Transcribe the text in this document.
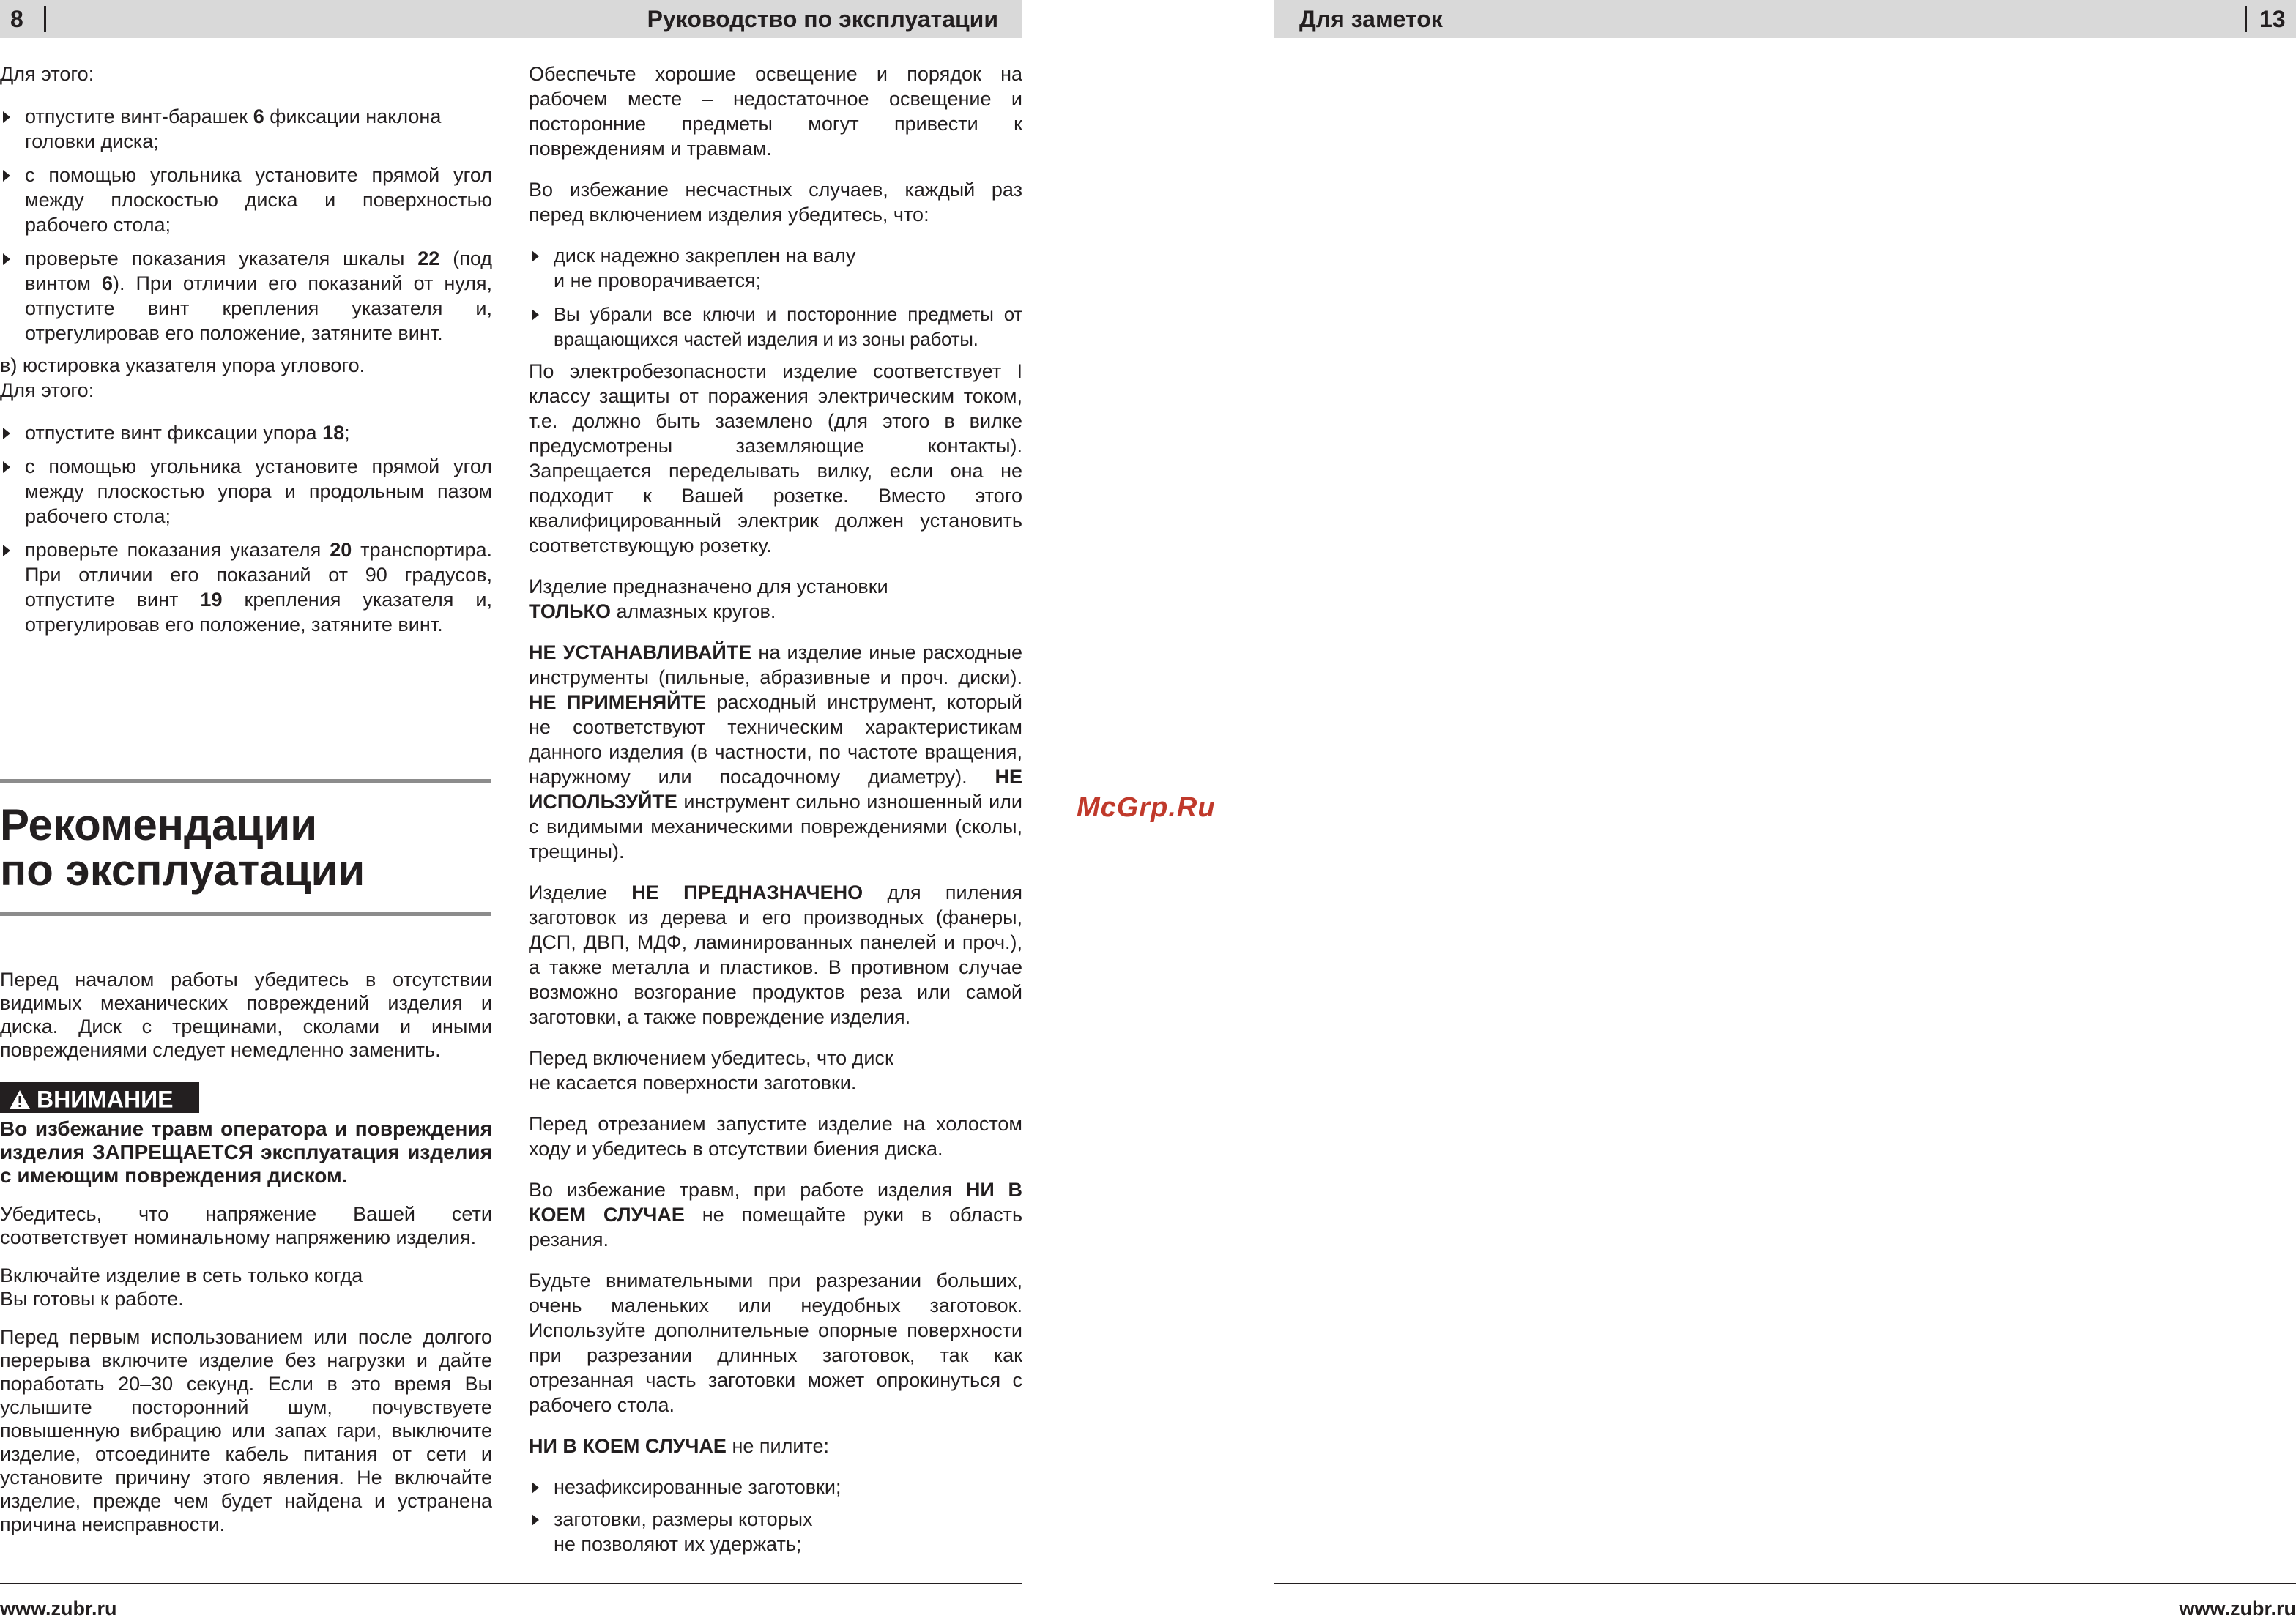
8	Руководство по эксплуатации	Для заметок	13

Для этого:

отпустите винт-барашек 6 фиксации наклона головки диска;
с помощью угольника установите прямой угол между плоскостью диска и поверхностью рабочего стола;
проверьте показания указателя шкалы 22 (под винтом 6). При отличии его показаний от нуля, отпустите винт крепления указателя и, отрегулировав его положение, затяните винт.

в) юстировка указателя упора углового.

Для этого:

отпустите винт фиксации упора 18;
с помощью угольника установите прямой угол между плоскостью упора и продольным пазом рабочего стола;
проверьте показания указателя 20 транспортира. При отличии его показаний от 90 градусов, отпустите винт 19 крепления указателя и, отрегулировав его положение, затяните винт.
Рекомендации
по эксплуатации

Перед началом работы убедитесь в отсутствии видимых механических повреждений изделия и диска. Диск с трещинами, сколами и иными повреждениями следует немедленно заменить.

ВНИМАНИЕ

Во избежание травм оператора и повреждения изделия ЗАПРЕЩАЕТСЯ эксплуатация изделия с имеющим повреждения диском.

Убедитесь, что напряжение Вашей сети соответствует номинальному напряжению изделия.

Включайте изделие в сеть только когда
Вы готовы к работе.

Перед первым использованием или после долгого перерыва включите изделие без нагрузки и дайте поработать 20–30 секунд. Если в это время Вы услышите посторонний шум, почувствуете повышенную вибрацию или запах гари, выключите изделие, отсоедините кабель питания от сети и установите причину этого явления. Не включайте изделие, прежде чем будет найдена и устранена причина неисправности.

Обеспечьте хорошие освещение и порядок на рабочем месте – недостаточное освещение и посторонние предметы могут привести к повреждениям и травмам.

Во избежание несчастных случаев, каждый раз перед включением изделия убедитесь, что:

диск надежно закреплен на валу
и не проворачивается;
Вы убрали все ключи и посторонние предметы от вращающихся частей изделия и из зоны работы.

По электробезопасности изделие соответствует I классу защиты от поражения электрическим током, т.е. должно быть заземлено (для этого в вилке предусмотрены заземляющие контакты). Запрещается переделывать вилку, если она не подходит к Вашей розетке. Вместо этого квалифицированный электрик должен установить соответствующую розетку.

Изделие предназначено для установки
ТОЛЬКО алмазных кругов.

НЕ УСТАНАВЛИВАЙТЕ на изделие иные расходные инструменты (пильные, абразивные и проч. диски). НЕ ПРИМЕНЯЙТЕ расходный инструмент, который не соответствуют техническим характеристикам данного изделия (в частности, по частоте вращения, наружному или посадочному диаметру). НЕ ИСПОЛЬЗУЙТЕ инструмент сильно изношенный или с видимыми механическими повреждениями (сколы, трещины).

Изделие НЕ ПРЕДНАЗНАЧЕНО для пиления заготовок из дерева и его производных (фанеры, ДСП, ДВП, МДФ, ламинированных панелей и проч.), а также металла и пластиков. В противном случае возможно возгорание продуктов реза или самой заготовки, а также повреждение изделия.

Перед включением убедитесь, что диск
не касается поверхности заготовки.

Перед отрезанием запустите изделие на холостом ходу и убедитесь в отсутствии биения диска.

Во избежание травм, при работе изделия НИ В КОЕМ СЛУЧАЕ не помещайте руки в область резания.

Будьте внимательными при разрезании больших, очень маленьких или неудобных заготовок. Используйте дополнительные опорные поверхности при разрезании длинных заготовок, так как отрезанная часть заготовки может опрокинуться с рабочего стола.

НИ В КОЕМ СЛУЧАЕ не пилите:

незафиксированные заготовки;
заготовки, размеры которых
не позволяют их удержать;
McGrp.Ru
www.zubr.ru	www.zubr.ru
